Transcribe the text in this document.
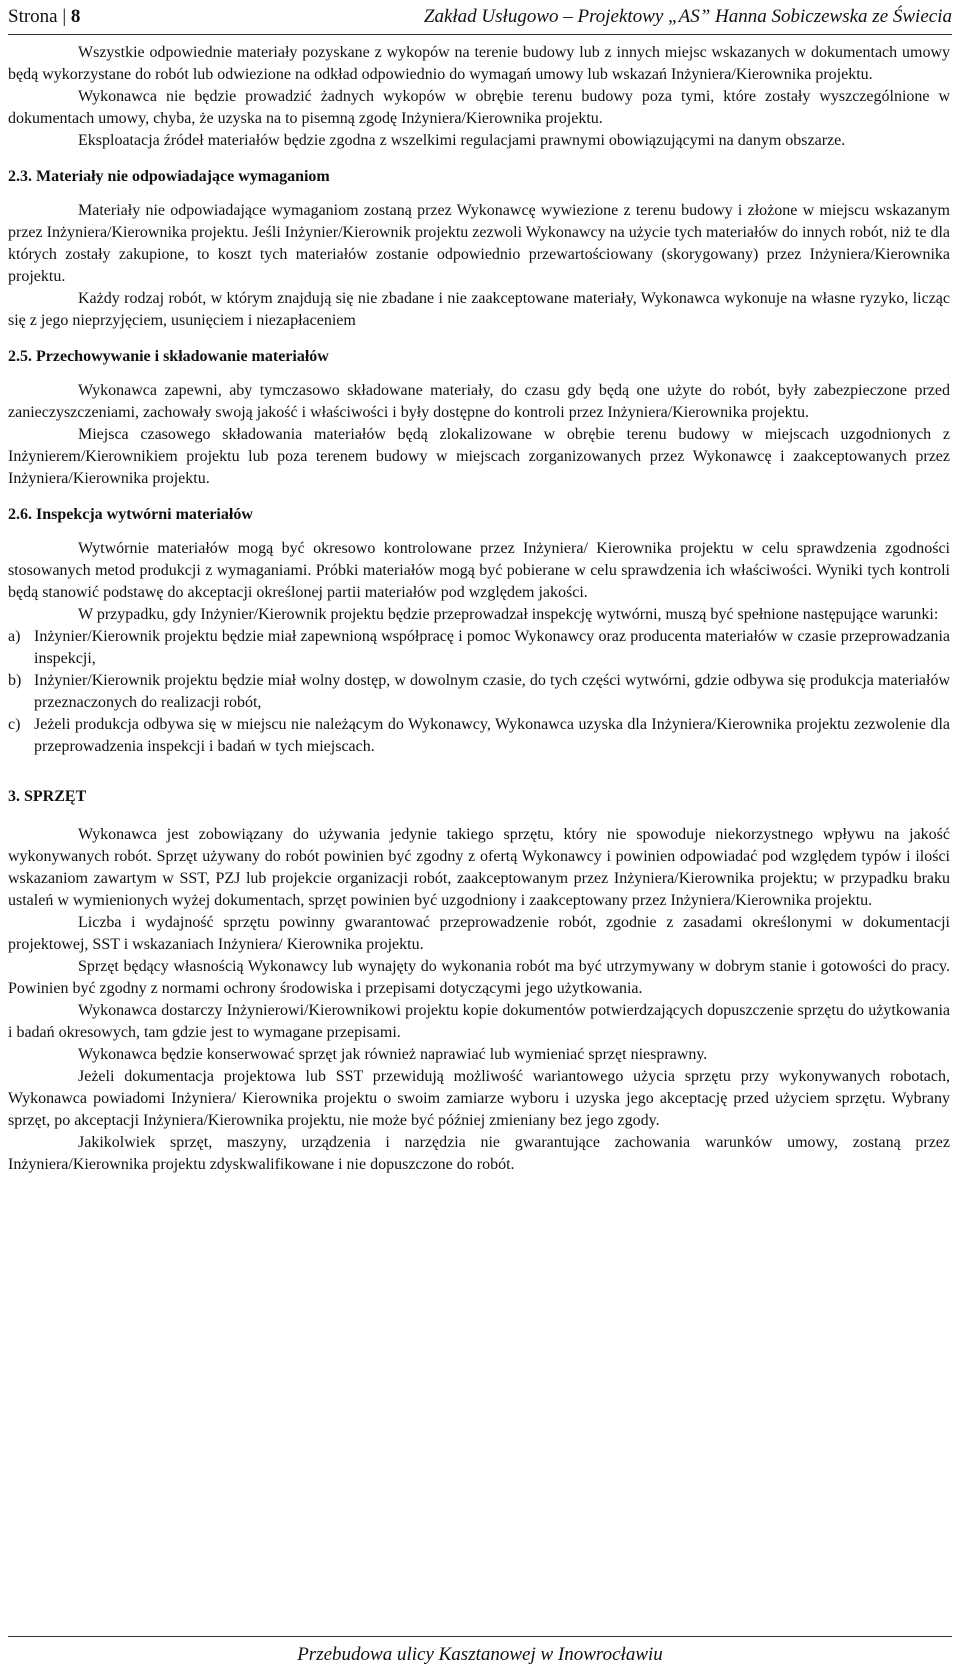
Strona | 8	Zakład Usługowo – Projektowy „AS” Hanna Sobiczewska ze Świecia

Wszystkie odpowiednie materiały pozyskane z wykopów na terenie budowy lub z innych miejsc wskazanych w dokumentach umowy będą wykorzystane do robót lub odwiezione na odkład odpowiednio do wymagań umowy lub wskazań Inżyniera/Kierownika projektu.

Wykonawca nie będzie prowadzić żadnych wykopów w obrębie terenu budowy poza tymi, które zostały wyszczególnione w dokumentach umowy, chyba, że uzyska na to pisemną zgodę Inżyniera/Kierownika projektu.

Eksploatacja źródeł materiałów będzie zgodna z wszelkimi regulacjami prawnymi obowiązującymi na danym obszarze.

2.3. Materiały nie odpowiadające wymaganiom

Materiały nie odpowiadające wymaganiom zostaną przez Wykonawcę wywiezione z terenu budowy i złożone w miejscu wskazanym przez Inżyniera/Kierownika projektu. Jeśli Inżynier/Kierownik projektu zezwoli Wykonawcy na użycie tych materiałów do innych robót, niż te dla których zostały zakupione, to koszt tych materiałów zostanie odpowiednio przewartościowany (skorygowany) przez Inżyniera/Kierownika projektu.

Każdy rodzaj robót, w którym znajdują się nie zbadane i nie zaakceptowane materiały, Wykonawca wykonuje na własne ryzyko, licząc się z jego nieprzyjęciem, usunięciem i niezapłaceniem

2.5. Przechowywanie i składowanie materiałów

Wykonawca zapewni, aby tymczasowo składowane materiały, do czasu gdy będą one użyte do robót, były zabezpieczone przed zanieczyszczeniami, zachowały swoją jakość i właściwości i były dostępne do kontroli przez Inżyniera/Kierownika projektu.

Miejsca czasowego składowania materiałów będą zlokalizowane w obrębie terenu budowy w miejscach uzgodnionych z Inżynierem/Kierownikiem projektu lub poza terenem budowy w miejscach zorganizowanych przez Wykonawcę i zaakceptowanych przez Inżyniera/Kierownika projektu.

2.6. Inspekcja wytwórni materiałów

Wytwórnie materiałów mogą być okresowo kontrolowane przez Inżyniera/ Kierownika projektu w celu sprawdzenia zgodności stosowanych metod produkcji z wymaganiami. Próbki materiałów mogą być pobierane w celu sprawdzenia ich właściwości. Wyniki tych kontroli będą stanowić podstawę do akceptacji określonej partii materiałów pod względem jakości.

W przypadku, gdy Inżynier/Kierownik projektu będzie przeprowadzał inspekcję wytwórni, muszą być spełnione następujące warunki:

a) Inżynier/Kierownik projektu będzie miał zapewnioną współpracę i pomoc Wykonawcy oraz producenta materiałów w czasie przeprowadzania inspekcji,
b) Inżynier/Kierownik projektu będzie miał wolny dostęp, w dowolnym czasie, do tych części wytwórni, gdzie odbywa się produkcja materiałów przeznaczonych do realizacji robót,
c) Jeżeli produkcja odbywa się w miejscu nie należącym do Wykonawcy, Wykonawca uzyska dla Inżyniera/Kierownika projektu zezwolenie dla przeprowadzenia inspekcji i badań w tych miejscach.
3. SPRZĘT

Wykonawca jest zobowiązany do używania jedynie takiego sprzętu, który nie spowoduje niekorzystnego wpływu na jakość wykonywanych robót. Sprzęt używany do robót powinien być zgodny z ofertą Wykonawcy i powinien odpowiadać pod względem typów i ilości wskazaniom zawartym w SST, PZJ lub projekcie organizacji robót, zaakceptowanym przez Inżyniera/Kierownika projektu; w przypadku braku ustaleń w wymienionych wyżej dokumentach, sprzęt powinien być uzgodniony i zaakceptowany przez Inżyniera/Kierownika projektu.

Liczba i wydajność sprzętu powinny gwarantować przeprowadzenie robót, zgodnie z zasadami określonymi w dokumentacji projektowej, SST i wskazaniach Inżyniera/ Kierownika projektu.

Sprzęt będący własnością Wykonawcy lub wynajęty do wykonania robót ma być utrzymywany w dobrym stanie i gotowości do pracy. Powinien być zgodny z normami ochrony środowiska i przepisami dotyczącymi jego użytkowania.

Wykonawca dostarczy Inżynierowi/Kierownikowi projektu kopie dokumentów potwierdzających dopuszczenie sprzętu do użytkowania i badań okresowych, tam gdzie jest to wymagane przepisami.

Wykonawca będzie konserwować sprzęt jak również naprawiać lub wymieniać sprzęt niesprawny.

Jeżeli dokumentacja projektowa lub SST przewidują możliwość wariantowego użycia sprzętu przy wykonywanych robotach, Wykonawca powiadomi Inżyniera/ Kierownika projektu o swoim zamiarze wyboru i uzyska jego akceptację przed użyciem sprzętu. Wybrany sprzęt, po akceptacji Inżyniera/Kierownika projektu, nie może być później zmieniany bez jego zgody.

Jakikolwiek sprzęt, maszyny, urządzenia i narzędzia nie gwarantujące zachowania warunków umowy, zostaną przez Inżyniera/Kierownika projektu zdyskwalifikowane i nie dopuszczone do robót.

Przebudowa ulicy Kasztanowej w Inowrocławiu
